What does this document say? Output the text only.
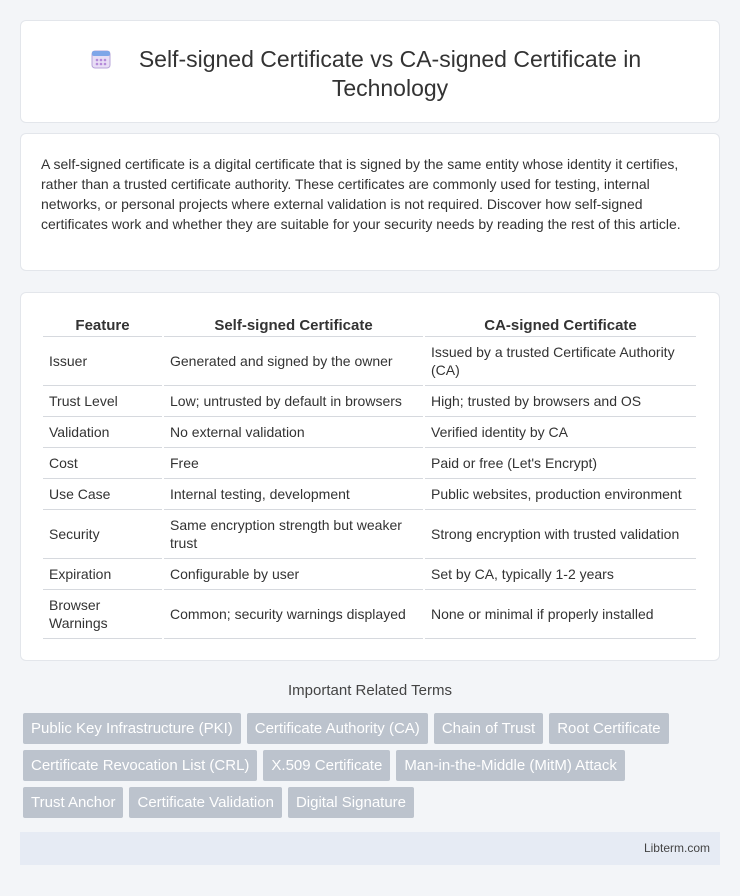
Self-signed Certificate vs CA-signed Certificate in Technology

A self-signed certificate is a digital certificate that is signed by the same entity whose identity it certifies, rather than a trusted certificate authority. These certificates are commonly used for testing, internal networks, or personal projects where external validation is not required. Discover how self-signed certificates work and whether they are suitable for your security needs by reading the rest of this article.

Feature	Self-signed Certificate	CA-signed Certificate
Issuer	Generated and signed by the owner	Issued by a trusted Certificate Authority (CA)
Trust Level	Low; untrusted by default in browsers	High; trusted by browsers and OS
Validation	No external validation	Verified identity by CA
Cost	Free	Paid or free (Let's Encrypt)
Use Case	Internal testing, development	Public websites, production environment
Security	Same encryption strength but weaker trust	Strong encryption with trusted validation
Expiration	Configurable by user	Set by CA, typically 1-2 years
Browser Warnings	Common; security warnings displayed	None or minimal if properly installed
Important Related Terms
Public Key Infrastructure (PKI)	Certificate Authority (CA)	Chain of Trust	Root Certificate
Certificate Revocation List (CRL)	X.509 Certificate	Man-in-the-Middle (MitM) Attack
Trust Anchor	Certificate Validation	Digital Signature
Libterm.com
